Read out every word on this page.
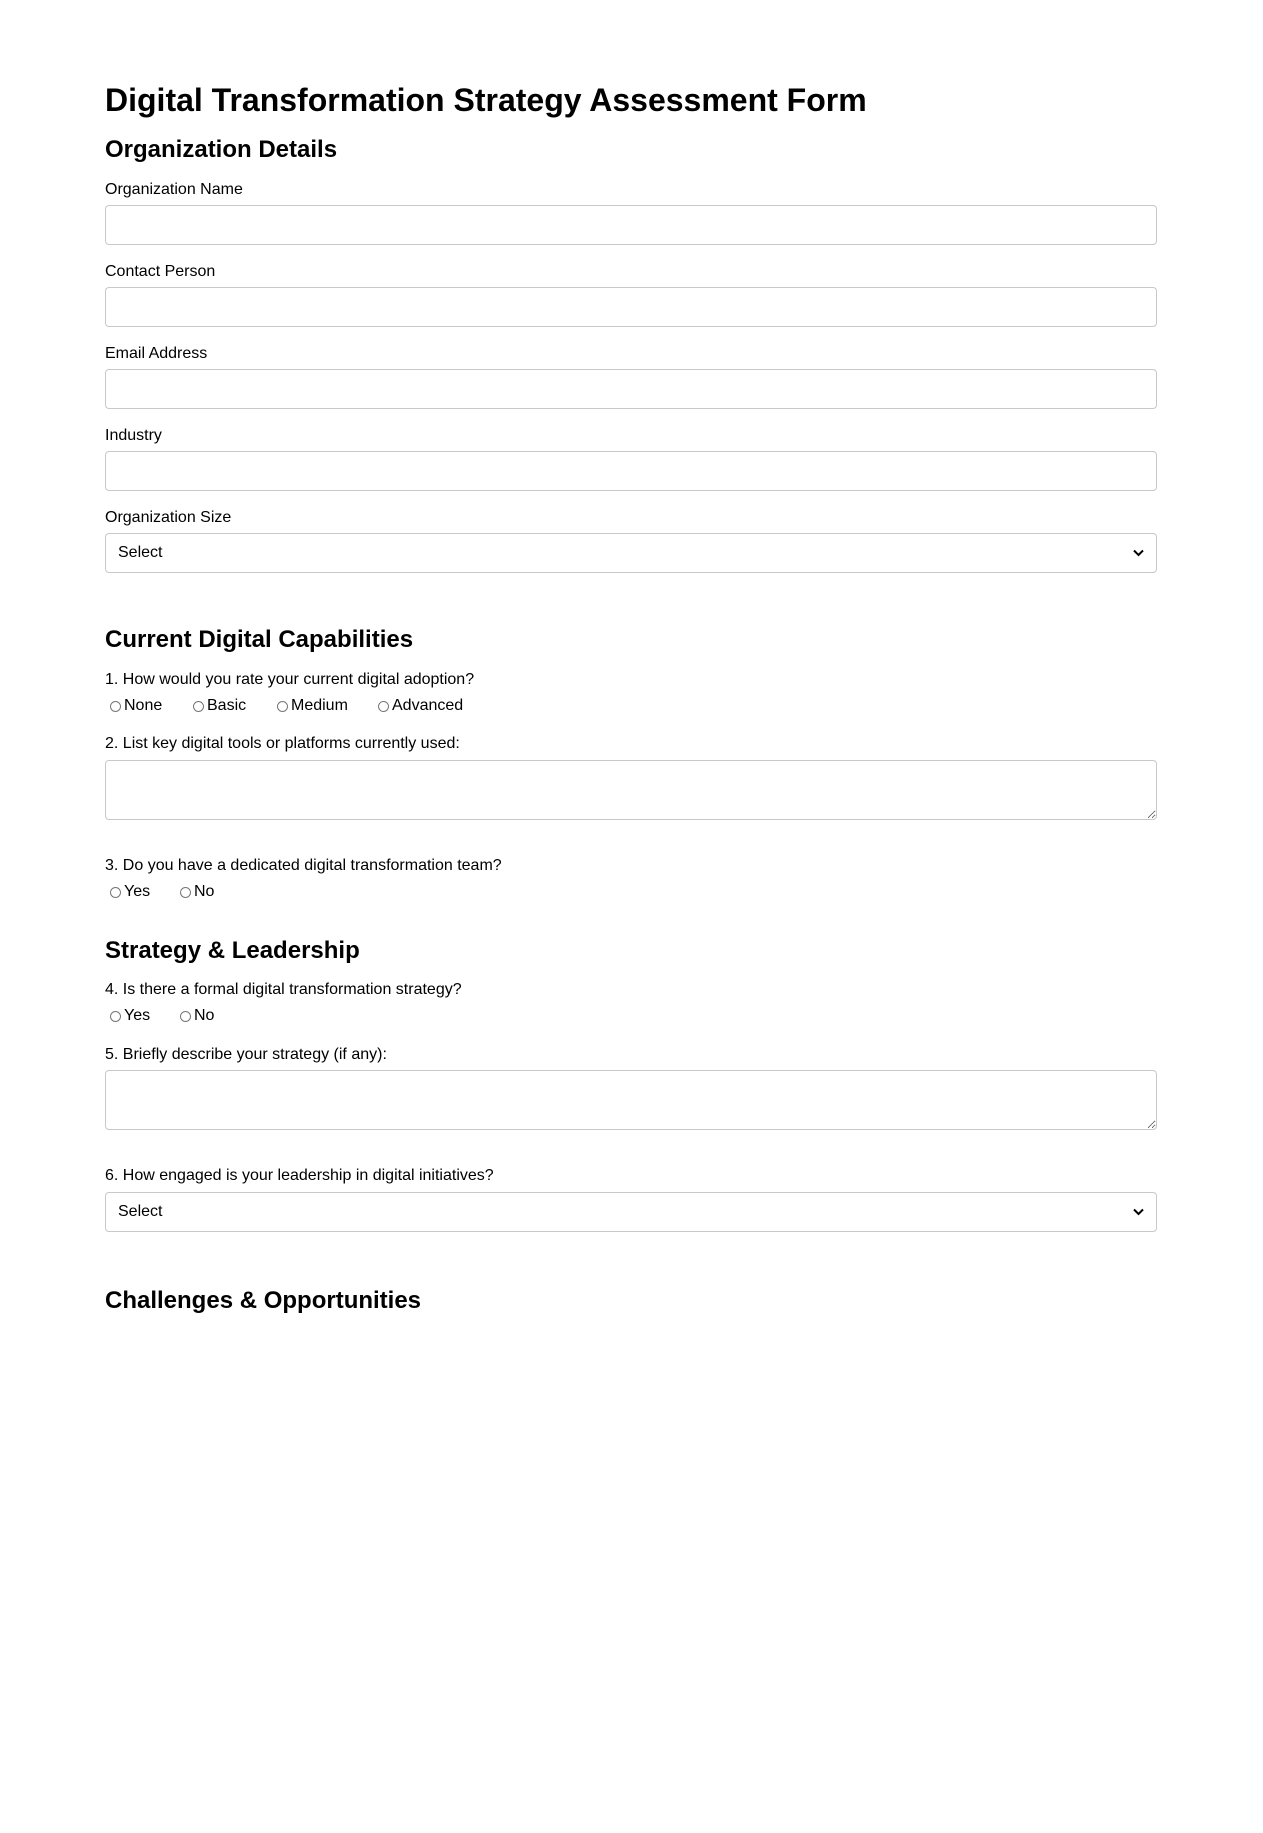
Digital Transformation Strategy Assessment Form
Organization Details
Organization Name
Contact Person
Email Address
Industry
Organization Size
Select
Current Digital Capabilities
1. How would you rate your current digital adoption?
None	Basic	Medium	Advanced
2. List key digital tools or platforms currently used:
3. Do you have a dedicated digital transformation team?
Yes	No
Strategy & Leadership
4. Is there a formal digital transformation strategy?
Yes	No
5. Briefly describe your strategy (if any):
6. How engaged is your leadership in digital initiatives?
Select
Challenges & Opportunities
